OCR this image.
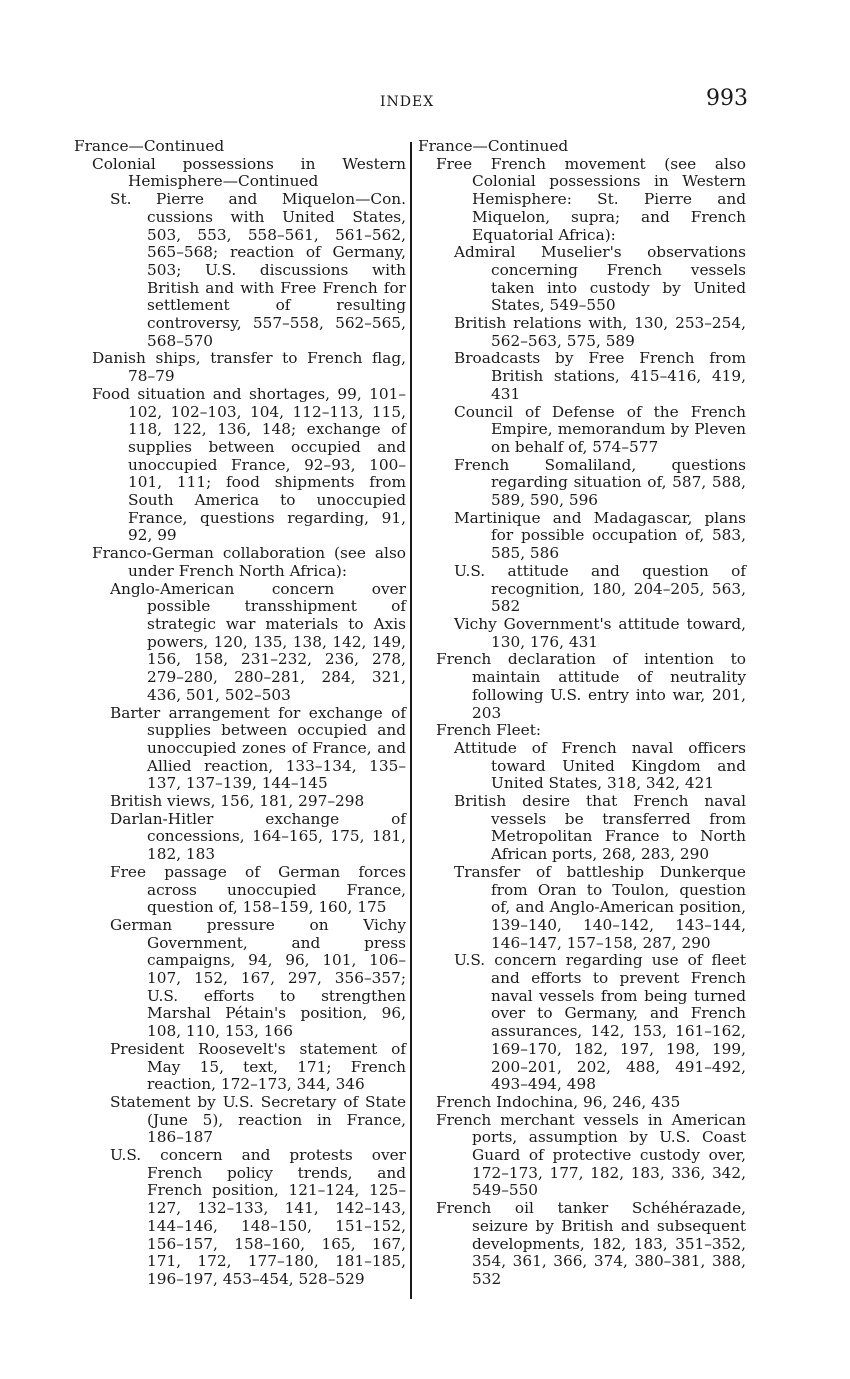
INDEX	993

France—Continued

Colonial possessions in Western Hemisphere—Continued

St. Pierre and Miquelon—Con. cussions with United States, 503, 553, 558–561, 561–562, 565–568; reaction of Germany, 503; U.S. discussions with British and with Free French for settlement of resulting controversy, 557–558, 562–565, 568–570

Danish ships, transfer to French flag, 78–79

Food situation and shortages, 99, 101–102, 102–103, 104, 112–113, 115, 118, 122, 136, 148; exchange of supplies between occupied and unoccupied France, 92–93, 100–101, 111; food shipments from South America to unoccupied France, questions regarding, 91, 92, 99

Franco-German collaboration (see also under French North Africa):

Anglo-American concern over possible transshipment of strategic war materials to Axis powers, 120, 135, 138, 142, 149, 156, 158, 231–232, 236, 278, 279–280, 280–281, 284, 321, 436, 501, 502–503

Barter arrangement for exchange of supplies between occupied and unoccupied zones of France, and Allied reaction, 133–134, 135–137, 137–139, 144–145

British views, 156, 181, 297–298

Darlan-Hitler exchange of concessions, 164–165, 175, 181, 182, 183

Free passage of German forces across unoccupied France, question of, 158–159, 160, 175

German pressure on Vichy Government, and press campaigns, 94, 96, 101, 106–107, 152, 167, 297, 356–357; U.S. efforts to strengthen Marshal Pétain's position, 96, 108, 110, 153, 166

President Roosevelt's statement of May 15, text, 171; French reaction, 172–173, 344, 346

Statement by U.S. Secretary of State (June 5), reaction in France, 186–187

U.S. concern and protests over French policy trends, and French position, 121–124, 125–127, 132–133, 141, 142–143, 144–146, 148–150, 151–152, 156–157, 158–160, 165, 167, 171, 172, 177–180, 181–185, 196–197, 453–454, 528–529

France—Continued

Free French movement (see also Colonial possessions in Western Hemisphere: St. Pierre and Miquelon, supra; and French Equatorial Africa):

Admiral Muselier's observations concerning French vessels taken into custody by United States, 549–550

British relations with, 130, 253–254, 562–563, 575, 589

Broadcasts by Free French from British stations, 415–416, 419, 431

Council of Defense of the French Empire, memorandum by Pleven on behalf of, 574–577

French Somaliland, questions regarding situation of, 587, 588, 589, 590, 596

Martinique and Madagascar, plans for possible occupation of, 583, 585, 586

U.S. attitude and question of recognition, 180, 204–205, 563, 582

Vichy Government's attitude toward, 130, 176, 431

French declaration of intention to maintain attitude of neutrality following U.S. entry into war, 201, 203

French Fleet:

Attitude of French naval officers toward United Kingdom and United States, 318, 342, 421

British desire that French naval vessels be transferred from Metropolitan France to North African ports, 268, 283, 290

Transfer of battleship Dunkerque from Oran to Toulon, question of, and Anglo-American position, 139–140, 140–142, 143–144, 146–147, 157–158, 287, 290

U.S. concern regarding use of fleet and efforts to prevent French naval vessels from being turned over to Germany, and French assurances, 142, 153, 161–162, 169–170, 182, 197, 198, 199, 200–201, 202, 488, 491–492, 493–494, 498

French Indochina, 96, 246, 435

French merchant vessels in American ports, assumption by U.S. Coast Guard of protective custody over, 172–173, 177, 182, 183, 336, 342, 549–550

French oil tanker Schéhérazade, seizure by British and subsequent developments, 182, 183, 351–352, 354, 361, 366, 374, 380–381, 388, 532
